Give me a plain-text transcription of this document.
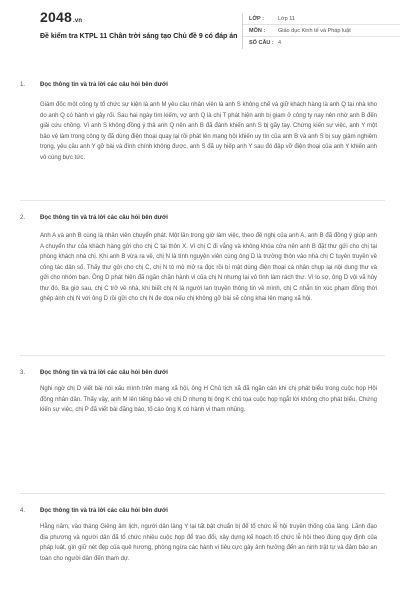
2048.vn
Đề kiểm tra KTPL 11 Chân trời sáng tạo Chủ đề 9 có đáp án
LỚP :	Lớp 11
MÔN :	Giáo dục Kinh tế và Pháp luật
SỐ CÂU : 4
1.	Đọc thông tin và trả lời các câu hỏi bên dưới
Giám đốc một công ty tổ chức sự kiện là anh M yêu cầu nhân viên là anh S không chế và giữ khách hàng là anh Q tại nhà kho do anh Q có hành vi gây rối. Sau hai ngày tìm kiếm, vợ anh Q là chị T phát hiện anh bị giam ở công ty nay nên nhờ anh B đến giải cứu chồng. Vì anh S không đồng ý thả anh Q nên anh B đã đánh khiến anh S bị gãy tay. Chứng kiến sự việc, anh Y một bảo vệ làm trong công ty đã dùng điện thoại quay lại rồi phát lên mạng hội khiến uy tín của anh B và anh S bị suy giảm nghiêm trọng, yêu cầu anh Y gỡ bài và đính chính không được, anh S đã uy hiếp anh Y sau đó đập vỡ điện thoại của anh Y khiến anh vô cùng bực tức.
2.	Đọc thông tin và trả lời các câu hỏi bên dưới
Anh A và anh B cùng là nhân viên chuyển phát. Một lần trong giờ làm việc, theo đề nghị của anh A, anh B đã đồng ý giúp anh A chuyển thư của khách hàng gửi cho chị C tại thôn X. Vì chị C đi vắng và không khóa cửa nên anh B đặt thư gửi cho chị tại phòng khách nhà chị. Khi anh B vừa ra về, chị N là tình nguyện viên cùng ông D là trưởng thôn vào nhà chị C tuyên truyền về công tác dân số. Thấy thư gửi cho chị C, chị N tò mò mở ra đọc rồi bí mật dùng điện thoại cá nhân chụp lại nội dung thư và gửi cho nhóm bạn. Ông D phát hiện đã ngăn chặn hành vi của chị N nhưng lại vô tình làm rách thư. Vì lo sợ, ông D vội vã hủy thư đó. Ba giờ sau, chị C trở về nhà, khi biết chị N là người lan truyền thông tin về mình, chị C nhắn tin xúc phạm đồng thời ghép ảnh chị N với ông D rồi gửi cho chị N đe dọa nếu chị không gỡ bài sẽ công khai lên mạng xã hội.
3.	Đọc thông tin và trả lời các câu hỏi bên dưới
Nghi ngờ chị D viết bài nói xấu mình trên mạng xã hội, ông H Chủ tịch xã đã ngăn cản khi chị phát biểu trong cuộc họp Hội đồng nhân dân. Thấy vậy, anh M lên tiếng bảo vệ chị D nhưng bị ông K chủ tọa cuộc họp ngắt lời không cho phát biểu. Chứng kiến sự việc, chị P đã viết bài đăng báo, tố cáo ông K có hành vi tham nhũng.
4.	Đọc thông tin và trả lời các câu hỏi bên dưới
Hằng năm, vào tháng Giêng âm lịch, người dân làng Y lại tất bật chuẩn bị để tổ chức lễ hội truyền thống của làng. Lãnh đạo địa phương và người dân đã tổ chức nhiều cuộc họp để trao đổi, xây dựng kế hoạch tổ chức lễ hội theo đúng quy định của pháp luật, gìn giữ nét đẹp của quê hương, phòng ngừa các hành vi tiêu cực gây ảnh hưởng đến an ninh trật tự và đảm bảo an toàn cho người dân đến tham dự.
